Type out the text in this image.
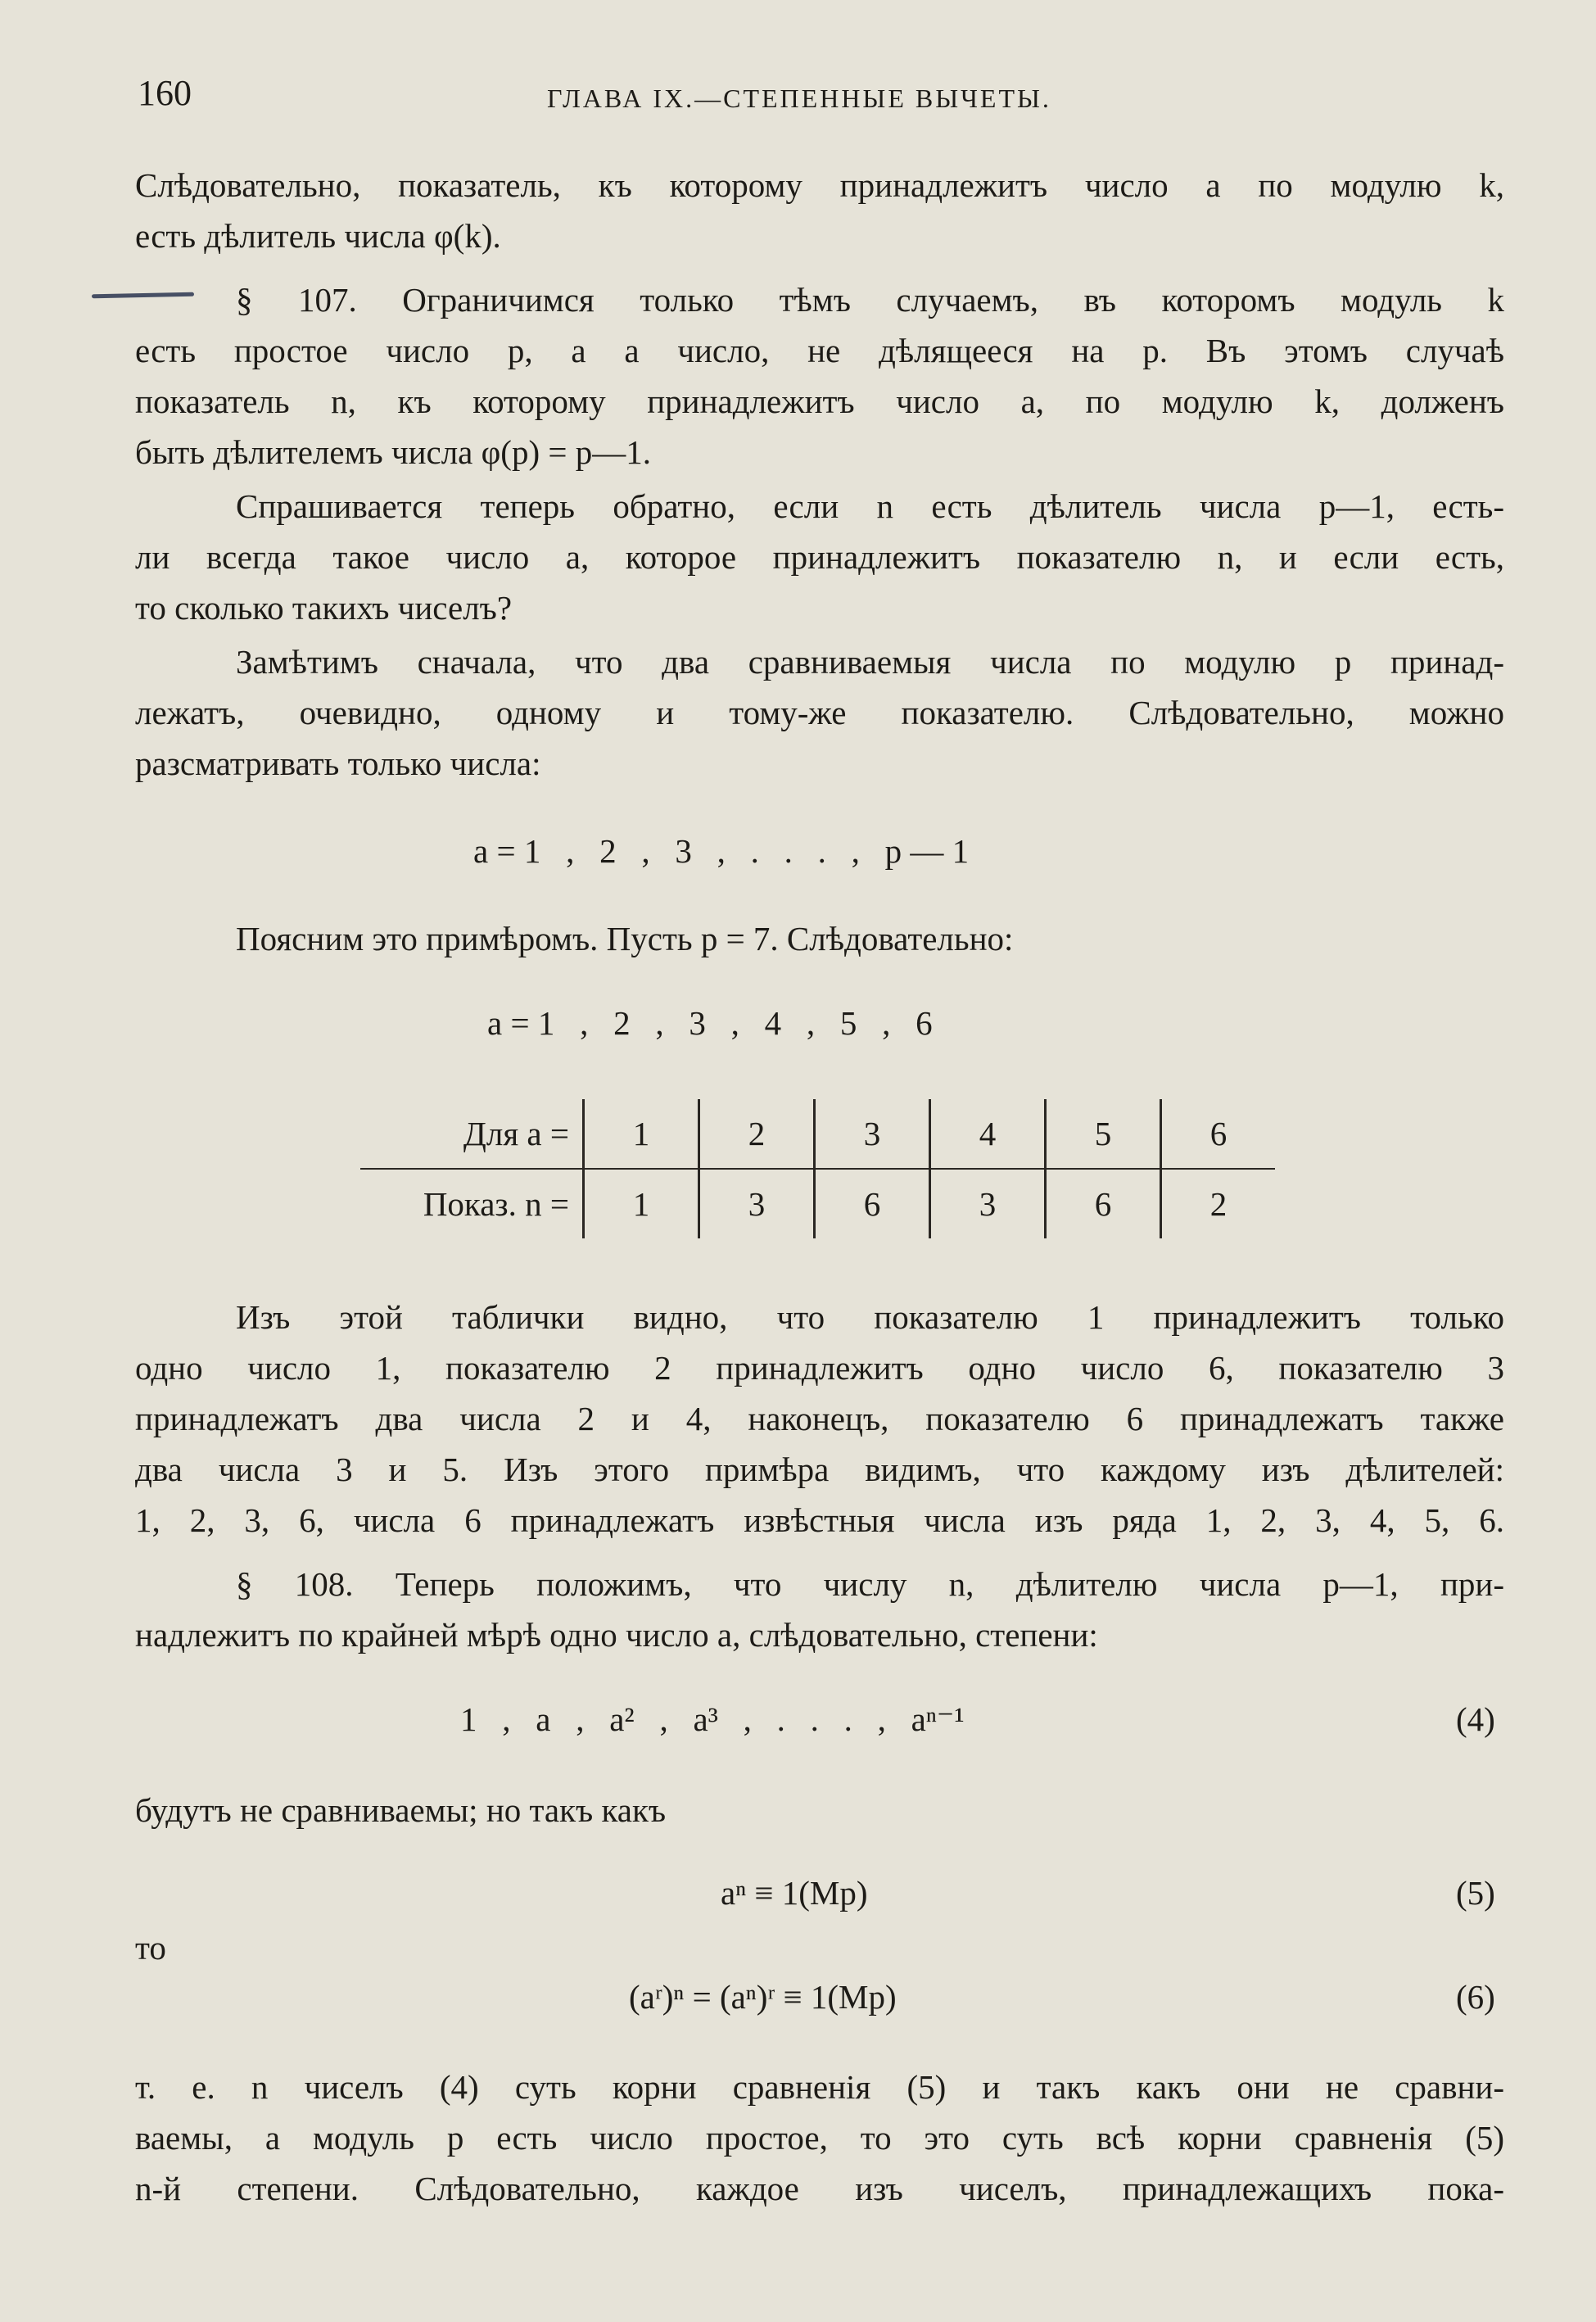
160	ГЛАВА IX.—СТЕПЕННЫЕ ВЫЧЕТЫ.
Слѣдовательно, показатель, къ которому принадлежитъ число a по модулю k,
есть дѣлитель числа φ(k).
§ 107. Ограничимся только тѣмъ случаемъ, въ которомъ модуль k
есть простое число p, а a число, не дѣлящееся на p. Въ этомъ случаѣ
показатель n, къ которому принадлежитъ число a, по модулю k, долженъ
быть дѣлителемъ числа φ(p) = p—1.
Спрашивается теперь обратно, если n есть дѣлитель числа p—1, есть-
ли всегда такое число a, которое принадлежитъ показателю n, и если есть,
то сколько такихъ чиселъ?
Замѣтимъ сначала, что два сравниваемыя числа по модулю p принад-
лежатъ, очевидно, одному и тому-же показателю. Слѣдовательно, можно
разсматривать только числа:
a = 1   ,   2   ,   3   ,   .   .   .   ,   p — 1
Поясним это примѣромъ. Пусть p = 7. Слѣдовательно:
a = 1   ,   2   ,   3   ,   4   ,   5   ,   6
Для a =	1	2	3	4	5	6
Показ. n =	1	3	6	3	6	2
Изъ этой таблички видно, что показателю 1 принадлежитъ только
одно число 1, показателю 2 принадлежитъ одно число 6, показателю 3
принадлежатъ два числа 2 и 4, наконецъ, показателю 6 принадлежатъ также
два числа 3 и 5. Изъ этого примѣра видимъ, что каждому изъ дѣлителей:
1, 2, 3, 6, числа 6 принадлежатъ извѣстныя числа изъ ряда 1, 2, 3, 4, 5, 6.
§ 108. Теперь положимъ, что числу n, дѣлителю числа p—1, при-
надлежитъ по крайней мѣрѣ одно число a, слѣдовательно, степени:
1   ,   a   ,   a²   ,   a³   ,   .   .   .   ,   aⁿ⁻¹	(4)
будутъ не сравниваемы; но такъ какъ
aⁿ ≡ 1(Mp)	(5)
то
(aʳ)ⁿ = (aⁿ)ʳ ≡ 1(Mp)	(6)
т. е. n чиселъ (4) суть корни сравненія (5) и такъ какъ они не сравни-
ваемы, а модуль p есть число простое, то это суть всѣ корни сравненія (5)
n-й степени. Слѣдовательно, каждое изъ чиселъ, принадлежащихъ пока-
